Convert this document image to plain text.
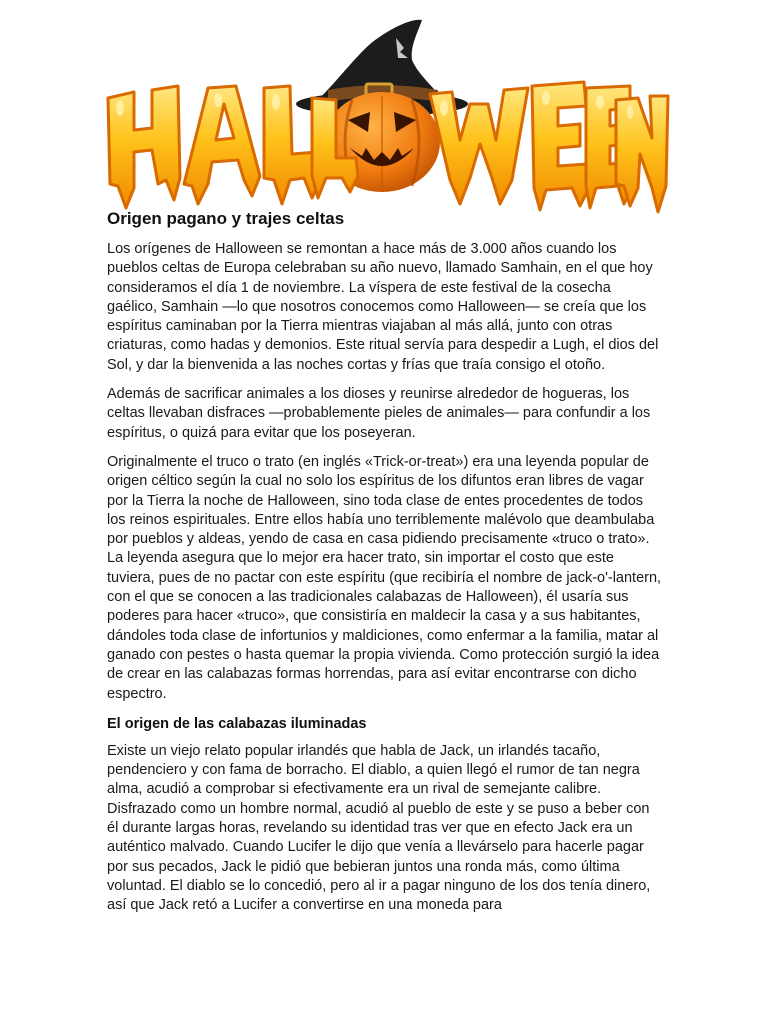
HALLOWEEN
Origen pagano y trajes celtas

Los orígenes de Halloween se remontan a hace más de 3.000 años cuando los pueblos celtas de Europa celebraban su año nuevo, llamado Samhain, en el que hoy consideramos el día 1 de noviembre. La víspera de este festival de la cosecha gaélico, Samhain —lo que nosotros conocemos como Halloween— se creía que los espíritus caminaban por la Tierra mientras viajaban al más allá, junto con otras criaturas, como hadas y demonios. Este ritual servía para despedir a Lugh, el dios del Sol, y dar la bienvenida a las noches cortas y frías que traía consigo el otoño.

Además de sacrificar animales a los dioses y reunirse alrededor de hogueras, los celtas llevaban disfraces —probablemente pieles de animales— para confundir a los espíritus, o quizá para evitar que los poseyeran.

Originalmente el truco o trato (en inglés «Trick-or-treat») era una leyenda popular de origen céltico según la cual no solo los espíritus de los difuntos eran libres de vagar por la Tierra la noche de Halloween, sino toda clase de entes procedentes de todos los reinos espirituales. Entre ellos había uno terriblemente malévolo que deambulaba por pueblos y aldeas, yendo de casa en casa pidiendo precisamente «truco o trato». La leyenda asegura que lo mejor era hacer trato, sin importar el costo que este tuviera, pues de no pactar con este espíritu (que recibiría el nombre de jack-o'-lantern, con el que se conocen a las tradicionales calabazas de Halloween), él usaría sus poderes para hacer «truco», que consistiría en maldecir la casa y a sus habitantes, dándoles toda clase de infortunios y maldiciones, como enfermar a la familia, matar al ganado con pestes o hasta quemar la propia vivienda. Como protección surgió la idea de crear en las calabazas formas horrendas, para así evitar encontrarse con dicho espectro.

El origen de las calabazas iluminadas

Existe un viejo relato popular irlandés que habla de Jack, un irlandés tacaño, pendenciero y con fama de borracho. El diablo, a quien llegó el rumor de tan negra alma, acudió a comprobar si efectivamente era un rival de semejante calibre. Disfrazado como un hombre normal, acudió al pueblo de este y se puso a beber con él durante largas horas, revelando su identidad tras ver que en efecto Jack era un auténtico malvado. Cuando Lucifer le dijo que venía a llevárselo para hacerle pagar por sus pecados, Jack le pidió que bebieran juntos una ronda más, como última voluntad. El diablo se lo concedió, pero al ir a pagar ninguno de los dos tenía dinero, así que Jack retó a Lucifer a convertirse en una moneda para
